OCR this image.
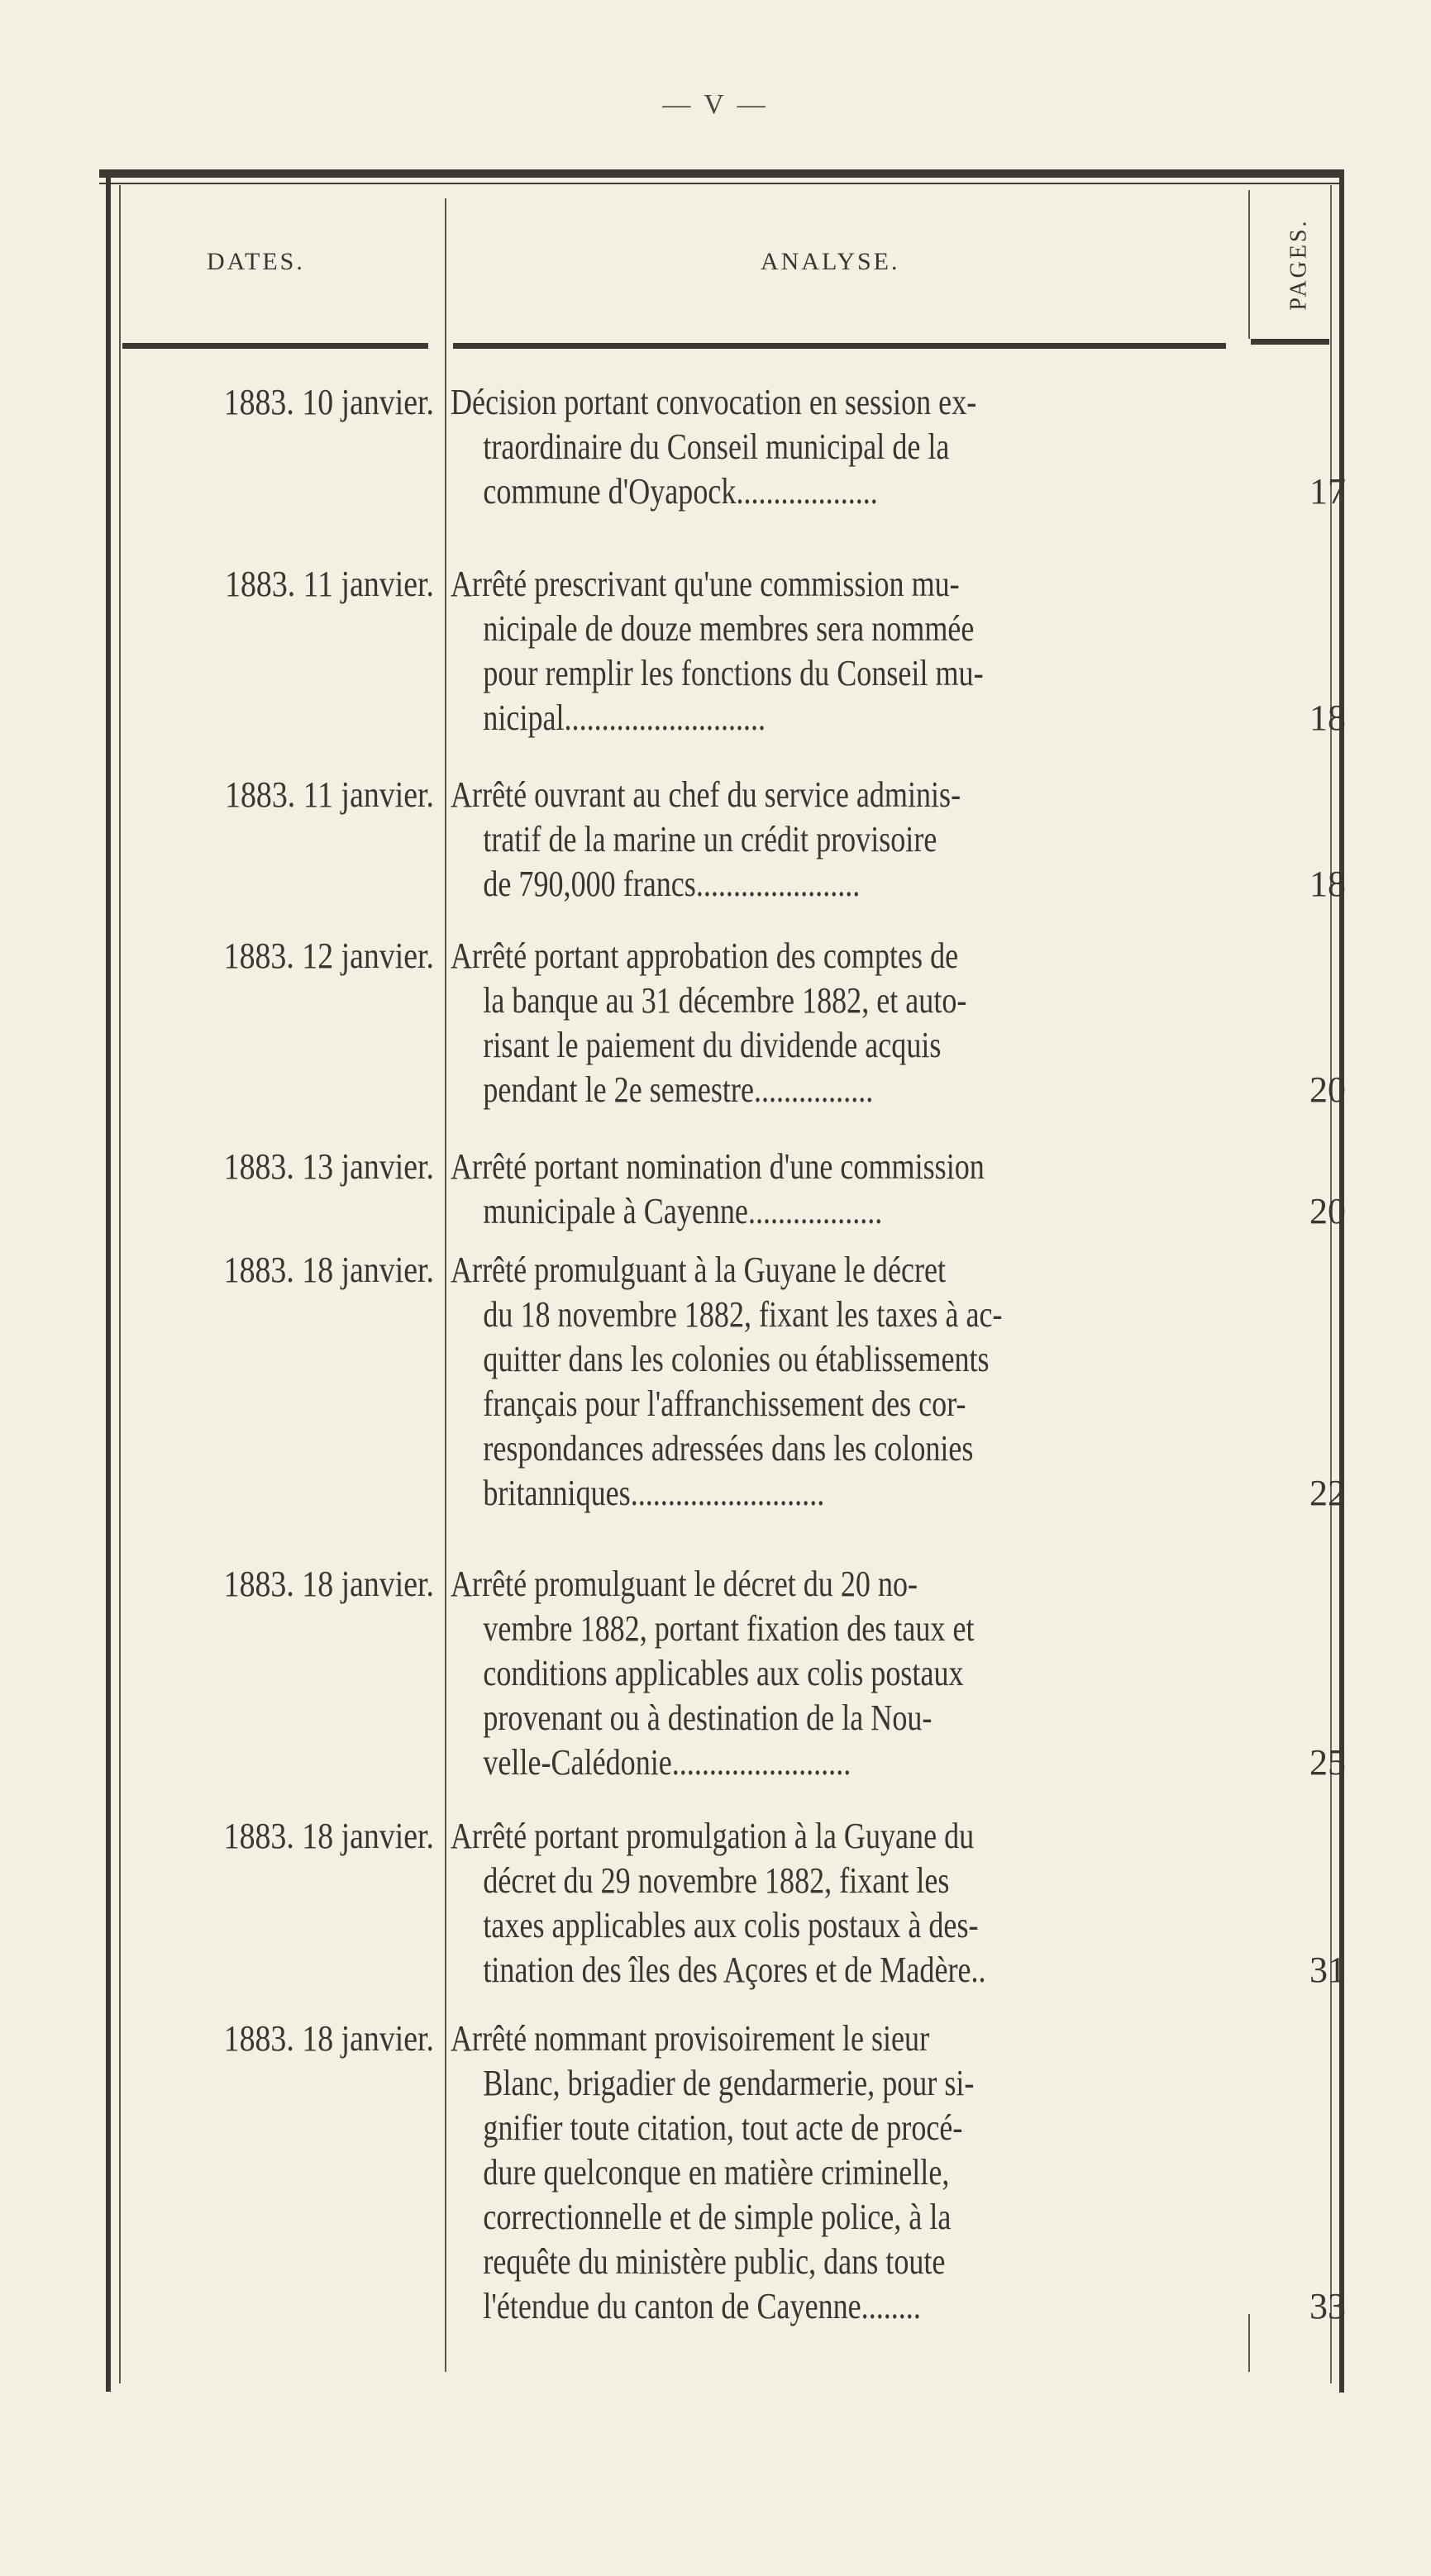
— V —
DATES.	ANALYSE.	PAGES.
1883. 10 janvier. Décision portant convocation en session ex-
traordinaire du Conseil municipal de la
commune d'Oyapock...................	17
1883. 11 janvier. Arrêté prescrivant qu'une commission mu-
nicipale de douze membres sera nommée
pour remplir les fonctions du Conseil mu-
nicipal...........................	18
1883. 11 janvier. Arrêté ouvrant au chef du service adminis-
tratif de la marine un crédit provisoire
de 790,000 francs......................	18
1883. 12 janvier. Arrêté portant approbation des comptes de
la banque au 31 décembre 1882, et auto-
risant le paiement du dividende acquis
pendant le 2e semestre................	20
1883. 13 janvier. Arrêté portant nomination d'une commission
municipale à Cayenne..................	20
1883. 18 janvier. Arrêté promulguant à la Guyane le décret
du 18 novembre 1882, fixant les taxes à ac-
quitter dans les colonies ou établissements
français pour l'affranchissement des cor-
respondances adressées dans les colonies
britanniques..........................	22
1883. 18 janvier. Arrêté promulguant le décret du 20 no-
vembre 1882, portant fixation des taux et
conditions applicables aux colis postaux
provenant ou à destination de la Nou-
velle-Calédonie........................	25
1883. 18 janvier. Arrêté portant promulgation à la Guyane du
décret du 29 novembre 1882, fixant les
taxes applicables aux colis postaux à des-
tination des îles des Açores et de Madère..	31
1883. 18 janvier. Arrêté nommant provisoirement le sieur
Blanc, brigadier de gendarmerie, pour si-
gnifier toute citation, tout acte de procé-
dure quelconque en matière criminelle,
correctionnelle et de simple police, à la
requête du ministère public, dans toute
l'étendue du canton de Cayenne........	33
